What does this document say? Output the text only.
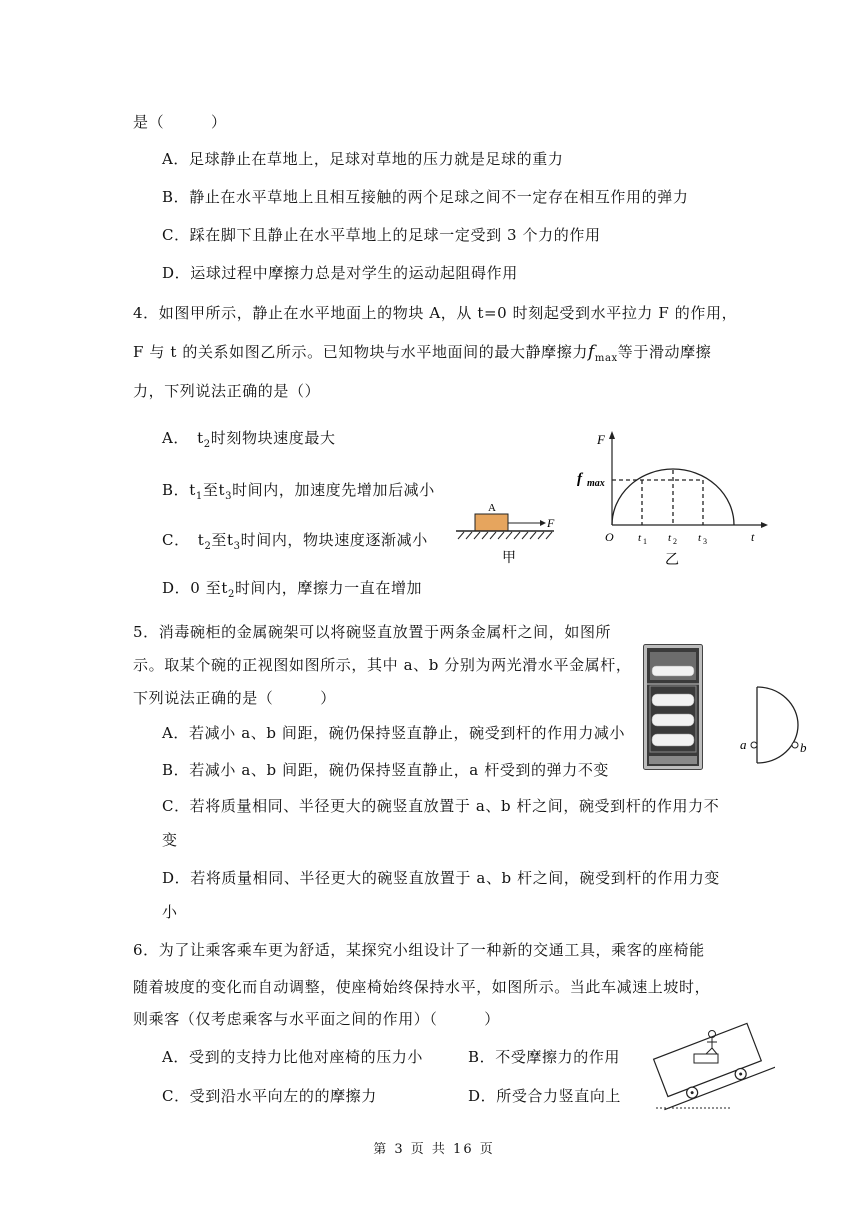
是（　　　）
A．足球静止在草地上，足球对草地的压力就是足球的重力
B．静止在水平草地上且相互接触的两个足球之间不一定存在相互作用的弹力
C．踩在脚下且静止在水平草地上的足球一定受到 3 个力的作用
D．运球过程中摩擦力总是对学生的运动起阻碍作用
4．如图甲所示，静止在水平地面上的物块 A，从 t=0 时刻起受到水平拉力 F 的作用，
F 与 t 的关系如图乙所示。已知物块与水平地面间的最大静摩擦力$f_{max}$等于滑动摩擦
力，下列说法正确的是（）
A．  $t_2$时刻物块速度最大
B．$t_1$至$t_3$时间内，加速度先增加后减小
C．  $t_2$至$t_3$时间内，物块速度逐渐减小
D．0 至$t_2$时间内，摩擦力一直在增加
A
F
甲
F
f max
O t 1 t 2 t 3	t
乙
5．消毒碗柜的金属碗架可以将碗竖直放置于两条金属杆之间，如图所
示。取某个碗的正视图如图所示，其中 a、b 分别为两光滑水平金属杆，
下列说法正确的是（　　　）
A．若减小 a、b 间距，碗仍保持竖直静止，碗受到杆的作用力减小
B．若减小 a、b 间距，碗仍保持竖直静止，a 杆受到的弹力不变
C．若将质量相同、半径更大的碗竖直放置于 a、b 杆之间，碗受到杆的作用力不
变
D．若将质量相同、半径更大的碗竖直放置于 a、b 杆之间，碗受到杆的作用力变
小
a	b
6．为了让乘客乘车更为舒适，某探究小组设计了一种新的交通工具，乘客的座椅能
随着坡度的变化而自动调整，使座椅始终保持水平，如图所示。当此车减速上坡时，
则乘客（仅考虑乘客与水平面之间的作用）（　　　）
A．受到的支持力比他对座椅的压力小	B．不受摩擦力的作用
C．受到沿水平向左的的摩擦力	D．所受合力竖直向上
第 3 页 共 16 页
